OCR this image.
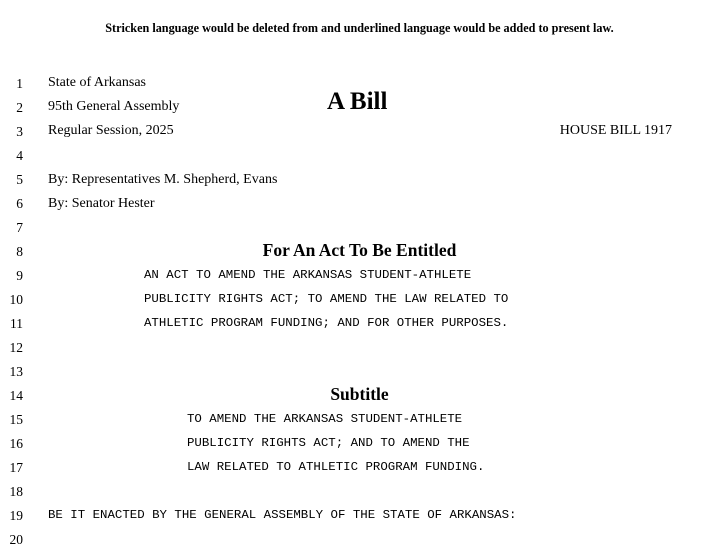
Stricken language would be deleted from and underlined language would be added to present law.
1
2
3
4
5
6
7
8
9
10
11
12
13
14
15
16
17
18
19
20
State of Arkansas
95th General Assembly
Regular Session, 2025
A Bill
HOUSE BILL 1917
By: Representatives M. Shepherd, Evans
By: Senator Hester
For An Act To Be Entitled
AN ACT TO AMEND THE ARKANSAS STUDENT-ATHLETE
PUBLICITY RIGHTS ACT; TO AMEND THE LAW RELATED TO
ATHLETIC PROGRAM FUNDING; AND FOR OTHER PURPOSES.
Subtitle
TO AMEND THE ARKANSAS STUDENT-ATHLETE
PUBLICITY RIGHTS ACT; AND TO AMEND THE
LAW RELATED TO ATHLETIC PROGRAM FUNDING.
BE IT ENACTED BY THE GENERAL ASSEMBLY OF THE STATE OF ARKANSAS:
